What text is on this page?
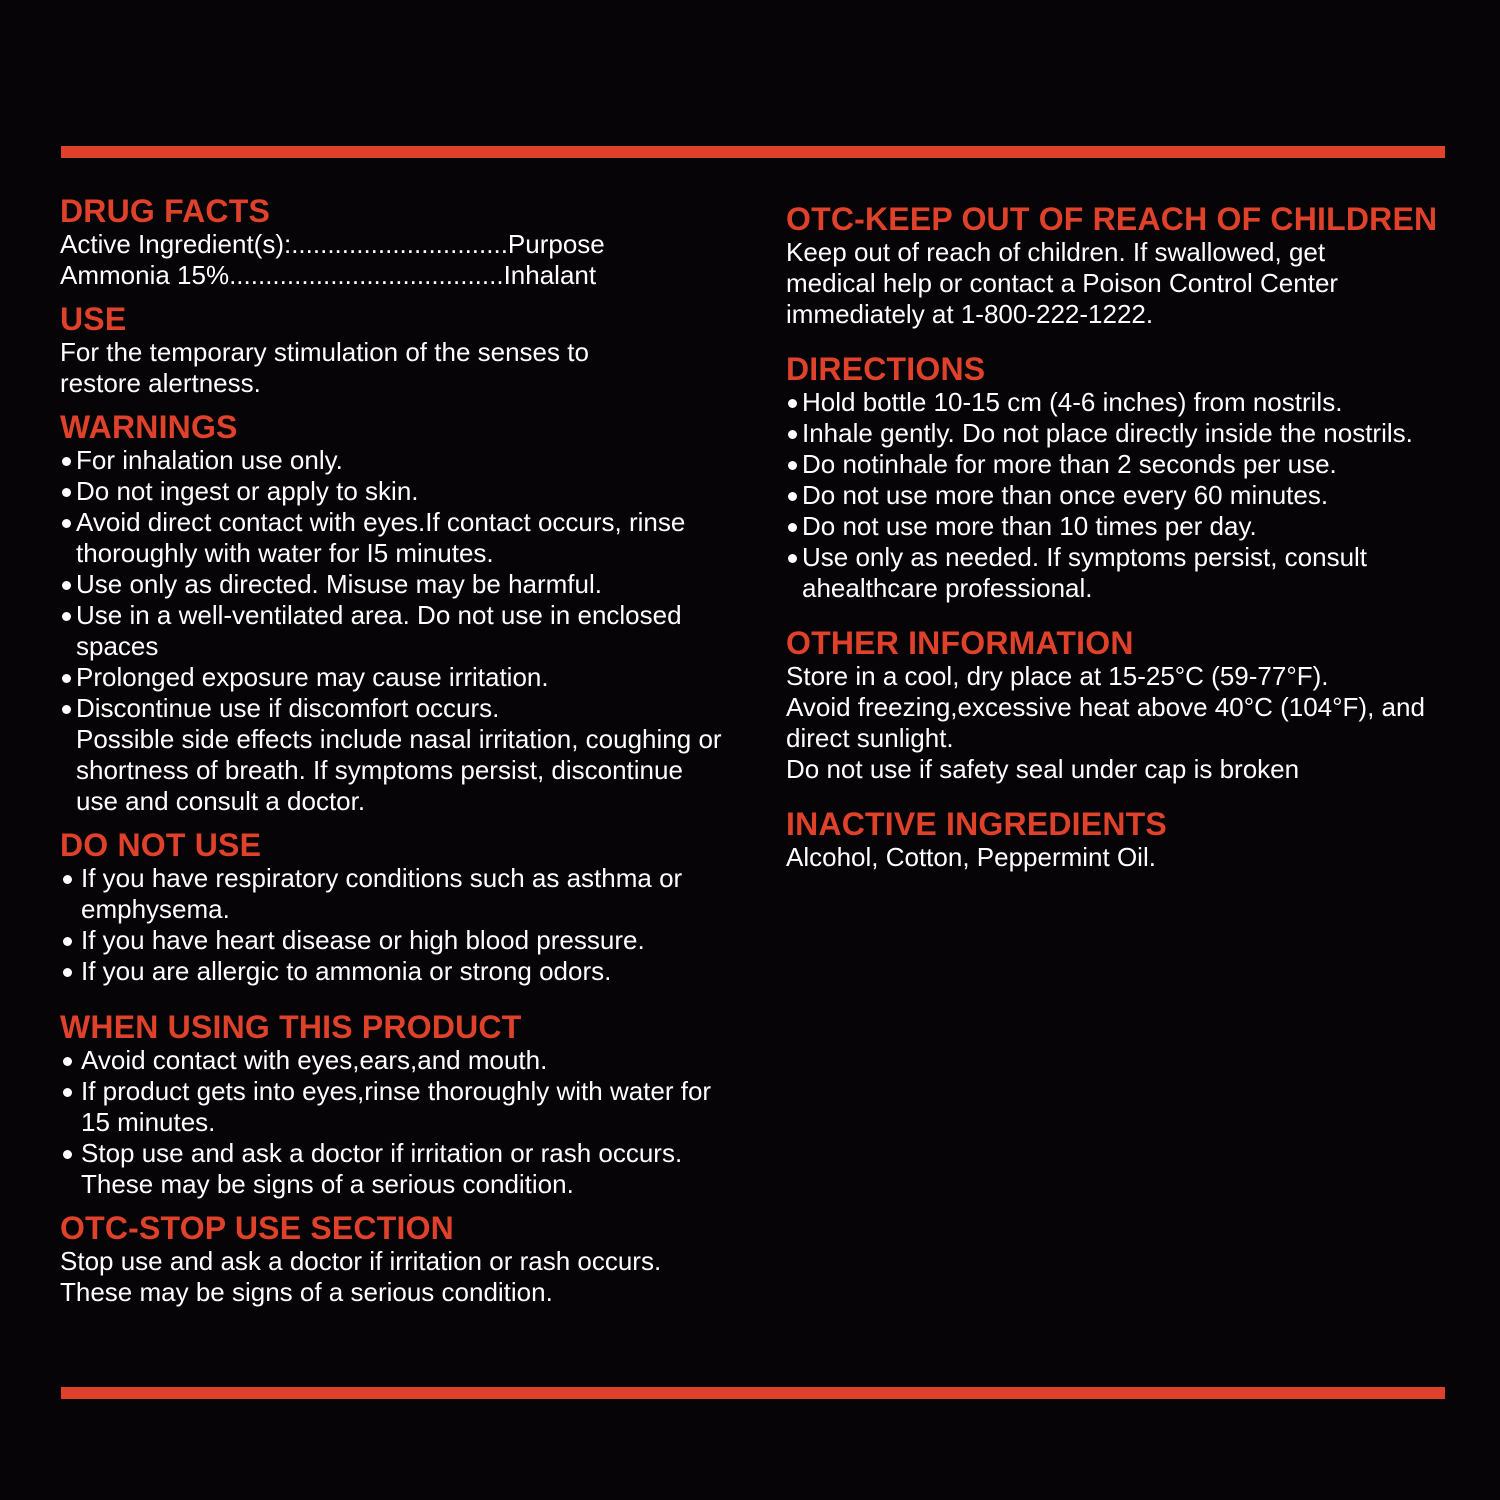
DRUG FACTS
Active Ingredient(s):..............................Purpose
Ammonia 15%......................................Inhalant
USE

For the temporary stimulation of the senses to restore alertness.

WARNINGS
For inhalation use only.
Do not ingest or apply to skin.
Avoid direct contact with eyes.If contact occurs, rinse thoroughly with water for I5 minutes.
Use only as directed. Misuse may be harmful.
Use in a well-ventilated area. Do not use in enclosed spaces
Prolonged exposure may cause irritation.
Discontinue use if discomfort occurs.
Possible side effects include nasal irritation, coughing or shortness of breath. If symptoms persist, discontinue use and consult a doctor.
DO NOT USE
If you have respiratory conditions such as asthma or emphysema.
If you have heart disease or high blood pressure.
If you are allergic to ammonia or strong odors.
WHEN USING THIS PRODUCT
Avoid contact with eyes,ears,and mouth.
If product gets into eyes,rinse thoroughly with water for 15 minutes.
Stop use and ask a doctor if irritation or rash occurs. These may be signs of a serious condition.
OTC-STOP USE SECTION

Stop use and ask a doctor if irritation or rash occurs. These may be signs of a serious condition.

OTC-KEEP OUT OF REACH OF CHILDREN

Keep out of reach of children. If swallowed, get medical help or contact a Poison Control Center immediately at 1-800-222-1222.

DIRECTIONS
Hold bottle 10-15 cm (4-6 inches) from nostrils.
Inhale gently. Do not place directly inside the nostrils.
Do notinhale for more than 2 seconds per use.
Do not use more than once every 60 minutes.
Do not use more than 10 times per day.
Use only as needed. If symptoms persist, consult ahealthcare professional.
OTHER INFORMATION

Store in a cool, dry place at 15-25°C (59-77°F).

Avoid freezing,excessive heat above 40°C (104°F), and direct sunlight.

Do not use if safety seal under cap is broken

INACTIVE INGREDIENTS

Alcohol, Cotton, Peppermint Oil.
